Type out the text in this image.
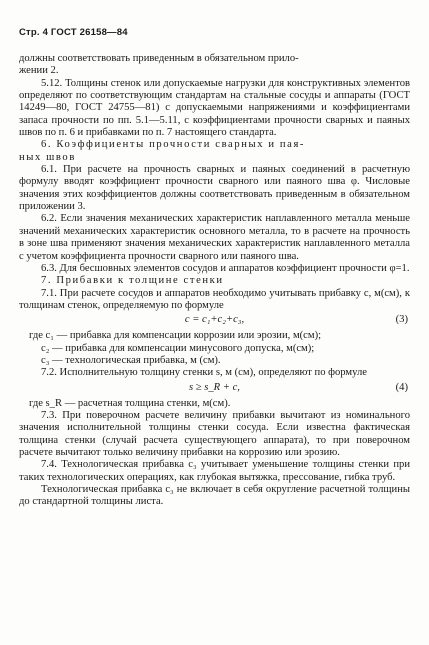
Стр. 4 ГОСТ 26158—84

должны соответствовать приведенным в обязательном прило-

жении 2.

5.12. Толщины стенок или допускаемые нагрузки для конструктивных элементов определяют по соответствующим стандартам на стальные сосуды и аппараты (ГОСТ 14249—80, ГОСТ 24755—81) с допускаемыми напряжениями и коэффициентами запаса прочности по пп. 5.1—5.11, с коэффициентами прочности сварных и паяных швов по п. 6 и прибавками по п. 7 настоящего стандарта.

6. Коэффициенты прочности сварных и пая-

ных швов

6.1. При расчете на прочность сварных и паяных соединений в расчетную формулу вводят коэффициент прочности сварного или паяного шва φ. Числовые значения этих коэффициентов должны соответствовать приведенным в обязательном приложении 3.

6.2. Если значения механических характеристик наплавленного металла меньше значений механических характеристик основного металла, то в расчете на прочность в зоне шва применяют значения механических характеристик наплавленного металла с учетом коэффициента прочности сварного или паяного шва.

6.3. Для бесшовных элементов сосудов и аппаратов коэффициент прочности φ=1.

7. Прибавки к толщине стенки

7.1. При расчете сосудов и аппаратов необходимо учитывать прибавку c, м(см), к толщинам стенок, определяемую по формуле

c = c₁+c₂+c₃,	(3)

где c₁ — прибавка для компенсации коррозии или эрозии, м(см);

c₂ — прибавка для компенсации минусового допуска, м(см);

c₃ — технологическая прибавка, м (см).

7.2. Исполнительную толщину стенки s, м (см), определяют по формуле

s ≥ s_R + c,	(4)

где s_R — расчетная толщина стенки, м(см).

7.3. При поверочном расчете величину прибавки вычитают из номинального значения исполнительной толщины стенки сосуда. Если известна фактическая толщина стенки (случай расчета существующего аппарата), то при поверочном расчете вычитают только величину прибавки на коррозию или эрозию.

7.4. Технологическая прибавка c₃ учитывает уменьшение толщины стенки при таких технологических операциях, как глубокая вытяжка, прессование, гибка труб.

Технологическая прибавка c₃ не включает в себя округление расчетной толщины до стандартной толщины листа.
